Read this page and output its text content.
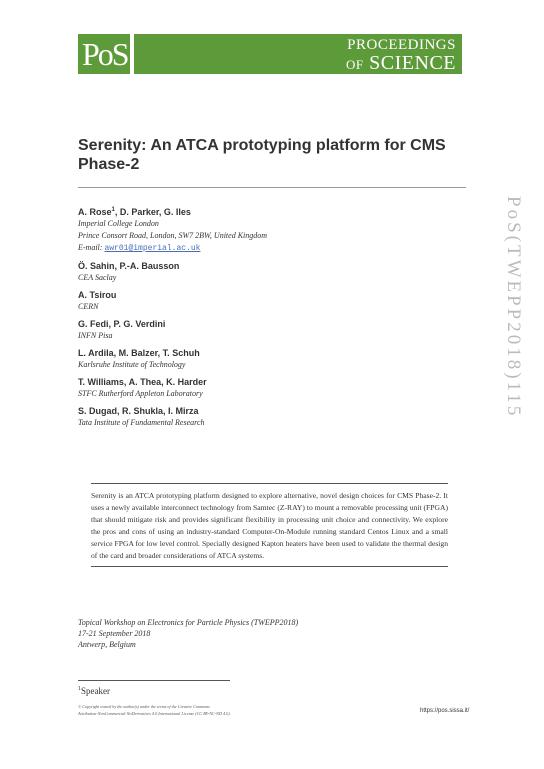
PoS	PROCEEDINGS
OF SCIENCE
Serenity: An ATCA prototyping platform for CMS Phase-2
A. Rose$^1$, D. Parker, G. Iles
Imperial College London
Prince Consort Road, London, SW7 2BW, United Kingdom
E-mail: awr01@imperial.ac.uk
Ö. Sahin, P.-A. Bausson
CEA Saclay
A. Tsirou
CERN
G. Fedi, P. G. Verdini
INFN Pisa
L. Ardila, M. Balzer, T. Schuh
Karlsruhe Institute of Technology
T. Williams, A. Thea, K. Harder
STFC Rutherford Appleton Laboratory
S. Dugad, R. Shukla, I. Mirza
Tata Institute of Fundamental Research
PoS(TWEPP2018)115
Serenity is an ATCA prototyping platform designed to explore alternative, novel design choices for CMS Phase-2. It uses a newly available interconnect technology from Samtec (Z-RAY) to mount a removable processing unit (FPGA) that should mitigate risk and provides significant flexibility in processing unit choice and connectivity. We explore the pros and cons of using an industry-standard Computer-On-Module running standard Centos Linux and a small service FPGA for low level control. Specially designed Kapton heaters have been used to validate the thermal design of the card and broader considerations of ATCA systems.
Topical Workshop on Electronics for Particle Physics (TWEPP2018)
17-21 September 2018
Antwerp, Belgium
$^1$Speaker
© Copyright owned by the author(s) under the terms of the Creative Commons
Attribution-NonCommercial-NoDerivatives 4.0 International License (CC BY-NC-ND 4.0).	https://pos.sissa.it/
